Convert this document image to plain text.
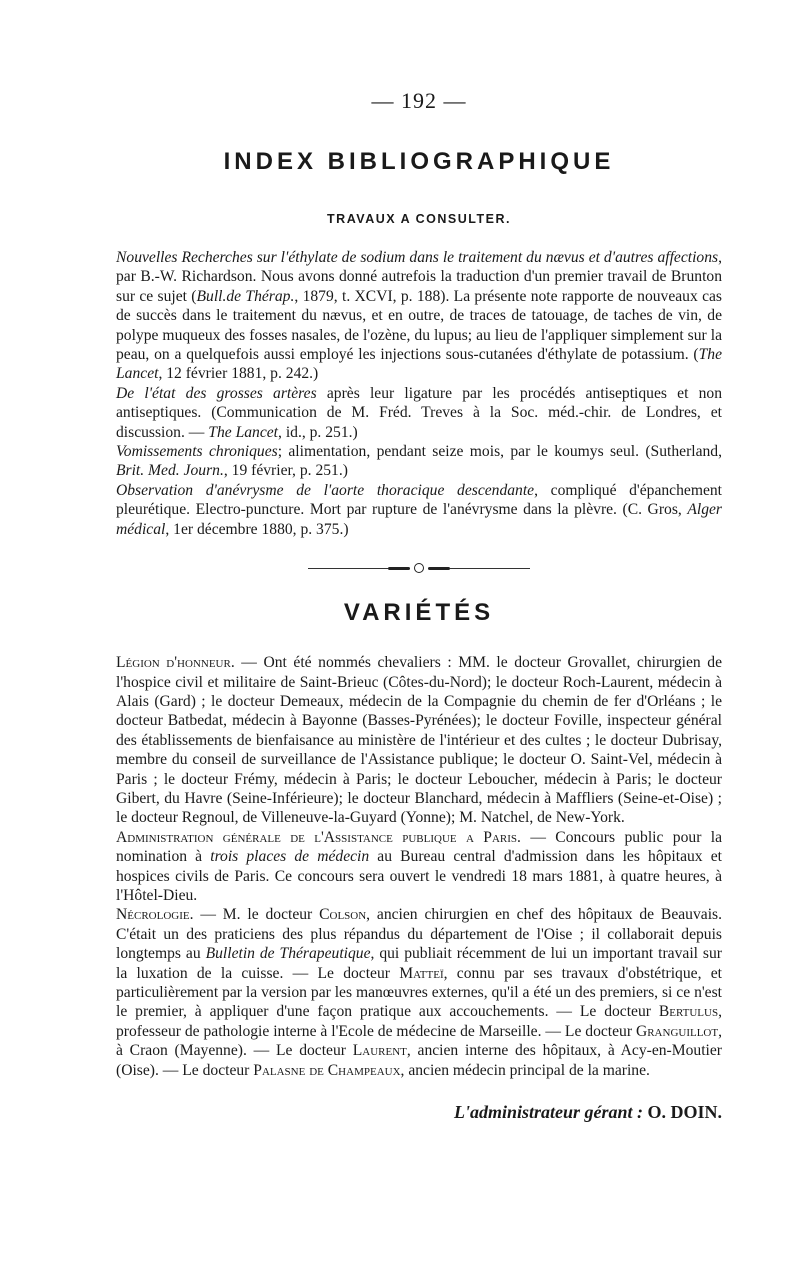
— 192 —
INDEX BIBLIOGRAPHIQUE
TRAVAUX A CONSULTER.

Nouvelles Recherches sur l'éthylate de sodium dans le traitement du nævus et d'autres affections, par B.-W. Richardson. Nous avons donné autrefois la traduction d'un premier travail de Brunton sur ce sujet (Bull.de Thérap., 1879, t. XCVI, p. 188). La présente note rapporte de nouveaux cas de succès dans le traitement du nævus, et en outre, de traces de tatouage, de taches de vin, de polype muqueux des fosses nasales, de l'ozène, du lupus; au lieu de l'appliquer simplement sur la peau, on a quelquefois aussi employé les injections sous-cutanées d'éthylate de potassium. (The Lancet, 12 février 1881, p. 242.)

De l'état des grosses artères après leur ligature par les procédés antiseptiques et non antiseptiques. (Communication de M. Fréd. Treves à la Soc. méd.-chir. de Londres, et discussion. — The Lancet, id., p. 251.)

Vomissements chroniques; alimentation, pendant seize mois, par le koumys seul. (Sutherland, Brit. Med. Journ., 19 février, p. 251.)

Observation d'anévrysme de l'aorte thoracique descendante, compliqué d'épanchement pleurétique. Electro-puncture. Mort par rupture de l'anévrysme dans la plèvre. (C. Gros, Alger médical, 1er décembre 1880, p. 375.)

VARIÉTÉS

Légion d'honneur. — Ont été nommés chevaliers : MM. le docteur Grovallet, chirurgien de l'hospice civil et militaire de Saint-Brieuc (Côtes-du-Nord); le docteur Roch-Laurent, médecin à Alais (Gard) ; le docteur Demeaux, médecin de la Compagnie du chemin de fer d'Orléans ; le docteur Batbedat, médecin à Bayonne (Basses-Pyrénées); le docteur Foville, inspecteur général des établissements de bienfaisance au ministère de l'intérieur et des cultes ; le docteur Dubrisay, membre du conseil de surveillance de l'Assistance publique; le docteur O. Saint-Vel, médecin à Paris ; le docteur Frémy, médecin à Paris; le docteur Leboucher, médecin à Paris; le docteur Gibert, du Havre (Seine-Inférieure); le docteur Blanchard, médecin à Maffliers (Seine-et-Oise) ; le docteur Regnoul, de Villeneuve-la-Guyard (Yonne); M. Natchel, de New-York.

Administration générale de l'Assistance publique a Paris. — Concours public pour la nomination à trois places de médecin au Bureau central d'admission dans les hôpitaux et hospices civils de Paris. Ce concours sera ouvert le vendredi 18 mars 1881, à quatre heures, à l'Hôtel-Dieu.

Nécrologie. — M. le docteur Colson, ancien chirurgien en chef des hôpitaux de Beauvais. C'était un des praticiens des plus répandus du département de l'Oise ; il collaborait depuis longtemps au Bulletin de Thérapeutique, qui publiait récemment de lui un important travail sur la luxation de la cuisse. — Le docteur Matteï, connu par ses travaux d'obstétrique, et particulièrement par la version par les manœuvres externes, qu'il a été un des premiers, si ce n'est le premier, à appliquer d'une façon pratique aux accouchements. — Le docteur Bertulus, professeur de pathologie interne à l'Ecole de médecine de Marseille. — Le docteur Granguillot, à Craon (Mayenne). — Le docteur Laurent, ancien interne des hôpitaux, à Acy-en-Moutier (Oise). — Le docteur Palasne de Champeaux, ancien médecin principal de la marine.

L'administrateur gérant : O. DOIN.
